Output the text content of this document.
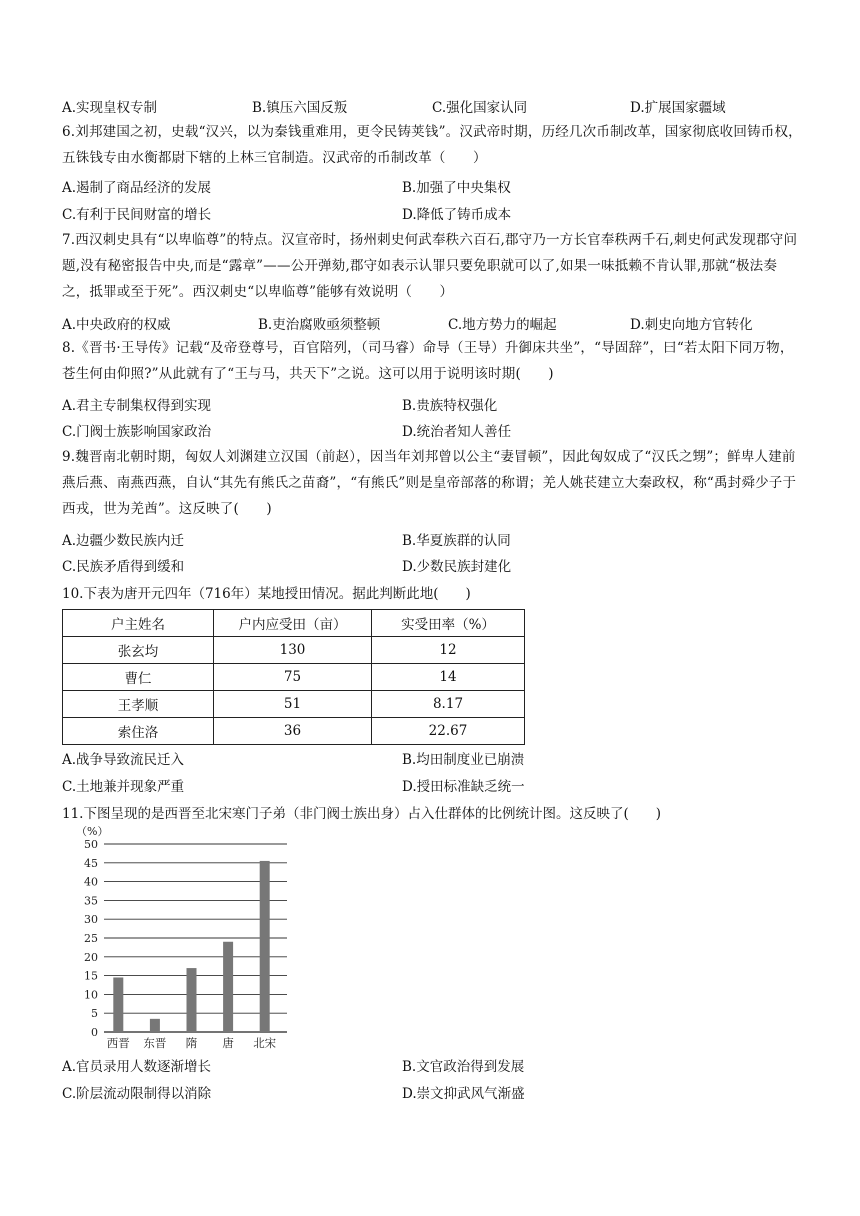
A.实现皇权专制	B.镇压六国反叛	C.强化国家认同	D.扩展国家疆域
6.刘邦建国之初，史载“汉兴，以为秦钱重难用，更令民铸荚钱”。汉武帝时期，历经几次币制改革，国家彻底收回铸币权，五铢钱专由水衡都尉下辖的上林三官制造。汉武帝的币制改革（　　）
A.遏制了商品经济的发展	B.加强了中央集权
C.有利于民间财富的增长	D.降低了铸币成本
7.西汉刺史具有“以卑临尊”的特点。汉宣帝时，扬州刺史何武奉秩六百石,郡守乃一方长官奉秩两千石,刺史何武发现郡守问题,没有秘密报告中央,而是“露章”——公开弹劾,郡守如表示认罪只要免职就可以了,如果一味抵赖不肯认罪,那就“极法奏之，抵罪或至于死”。西汉刺史“以卑临尊”能够有效说明（　　）
A.中央政府的权威	B.吏治腐败亟须整顿	C.地方势力的崛起	D.刺史向地方官转化
8.《晋书·王导传》记载“及帝登尊号，百官陪列，（司马睿）命导（王导）升御床共坐”，“导固辞”，曰“若太阳下同万物，苍生何由仰照?”从此就有了“王与马，共天下”之说。这可以用于说明该时期(　　)
A.君主专制集权得到实现	B.贵族特权强化
C.门阀士族影响国家政治	D.统治者知人善任
9.魏晋南北朝时期，匈奴人刘渊建立汉国（前赵），因当年刘邦曾以公主“妻冒顿”，因此匈奴成了“汉氏之甥”；鲜卑人建前燕后燕、南燕西燕，自认“其先有熊氏之苗裔”，“有熊氏”则是皇帝部落的称谓；羌人姚苌建立大秦政权，称“禹封舜少子于西戎，世为羌酋”。这反映了(　　)
A.边疆少数民族内迁	B.华夏族群的认同
C.民族矛盾得到缓和	D.少数民族封建化
10.下表为唐开元四年（716年）某地授田情况。据此判断此地(　　)
户主姓名	户内应受田（亩）	实受田率（%）
张玄均	130	12
曹仁	75	14
王孝顺	51	8.17
索住洛	36	22.67
A.战争导致流民迁入	B.均田制度业已崩溃
C.土地兼并现象严重	D.授田标准缺乏统一
11.下图呈现的是西晋至北宋寒门子弟（非门阀士族出身）占入仕群体的比例统计图。这反映了(　　)
（%）
0
5
10
15
20
25
30
35
40
45
50
西晋 东晋 隋 唐 北宋
A.官员录用人数逐渐增长	B.文官政治得到发展
C.阶层流动限制得以消除	D.崇文抑武风气渐盛
